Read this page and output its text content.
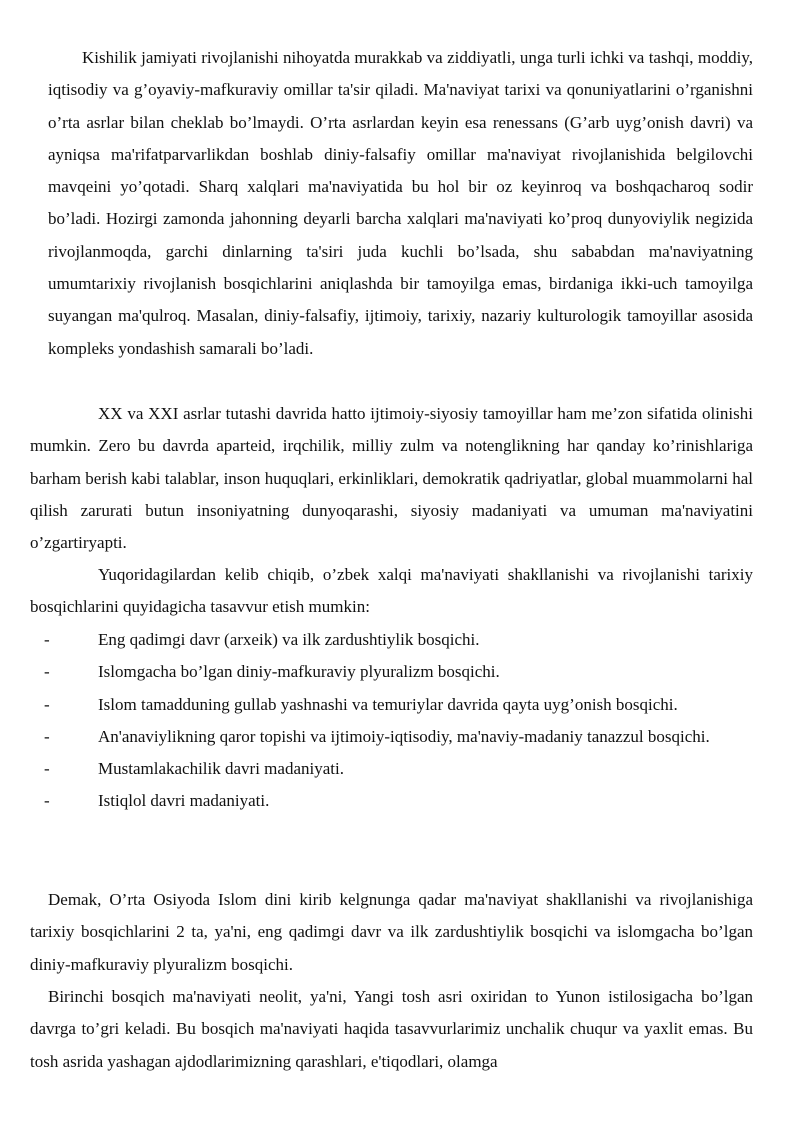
Kishilik jamiyati rivojlanishi nihoyatda murakkab va ziddiyatli, unga turli ichki va tashqi, moddiy, iqtisodiy va g’oyaviy-mafkuraviy omillar ta'sir qiladi. Ma'naviyat tarixi va qonuniyatlarini o’rganishni o’rta asrlar bilan cheklab bo’lmaydi. O’rta asrlardan keyin esa renessans (G’arb uyg’onish davri) va ayniqsa ma'rifatparvarlikdan boshlab diniy-falsafiy omillar ma'naviyat rivojlanishida belgilovchi mavqeini yo’qotadi. Sharq xalqlari ma'naviyatida bu hol bir oz keyinroq va boshqacharoq sodir bo’ladi. Hozirgi zamonda jahonning deyarli barcha xalqlari ma'naviyati ko’proq dunyoviylik negizida rivojlanmoqda, garchi dinlarning ta'siri juda kuchli bo’lsada, shu sababdan ma'naviyatning umumtarixiy rivojlanish bosqichlarini aniqlashda bir tamoyilga emas, birdaniga ikki-uch tamoyilga suyangan ma'qulroq. Masalan, diniy-falsafiy, ijtimoiy, tarixiy, nazariy kulturologik tamoyillar asosida kompleks yondashish samarali bo’ladi.

XX va XXI asrlar tutashi davrida hatto ijtimoiy-siyosiy tamoyillar ham me’zon sifatida olinishi mumkin. Zero bu davrda aparteid, irqchilik, milliy zulm va notenglikning har qanday ko’rinishlariga barham berish kabi talablar, inson huquqlari, erkinliklari, demokratik qadriyatlar, global muammolarni hal qilish zarurati butun insoniyatning dunyoqarashi, siyosiy madaniyati va umuman ma'naviyatini o’zgartiryapti.

Yuqoridagilardan kelib chiqib, o’zbek xalqi ma'naviyati shakllanishi va rivojlanishi tarixiy bosqichlarini quyidagicha tasavvur etish mumkin:

-	Eng qadimgi davr (arxeik) va ilk zardushtiylik bosqichi.
-	Islomgacha bo’lgan diniy-mafkuraviy plyuralizm bosqichi.
-	Islom tamadduning gullab yashnashi va temuriylar davrida qayta uyg’onish bosqichi.
-	An'anaviylikning qaror topishi va ijtimoiy-iqtisodiy, ma'naviy-madaniy tanazzul bosqichi.
-	Mustamlakachilik davri madaniyati.
-	Istiqlol davri madaniyati.

Demak, O’rta Osiyoda Islom dini kirib kelgnunga qadar ma'naviyat shakllanishi va rivojlanishiga tarixiy bosqichlarini 2 ta, ya'ni, eng qadimgi davr va ilk zardushtiylik bosqichi va islomgacha bo’lgan diniy-mafkuraviy plyuralizm bosqichi.

Birinchi bosqich ma'naviyati neolit, ya'ni, Yangi tosh asri oxiridan to Yunon istilosigacha bo’lgan davrga to’gri keladi. Bu bosqich ma'naviyati haqida tasavvurlarimiz unchalik chuqur va yaxlit emas. Bu tosh asrida yashagan ajdodlarimizning qarashlari, e'tiqodlari, olamga
